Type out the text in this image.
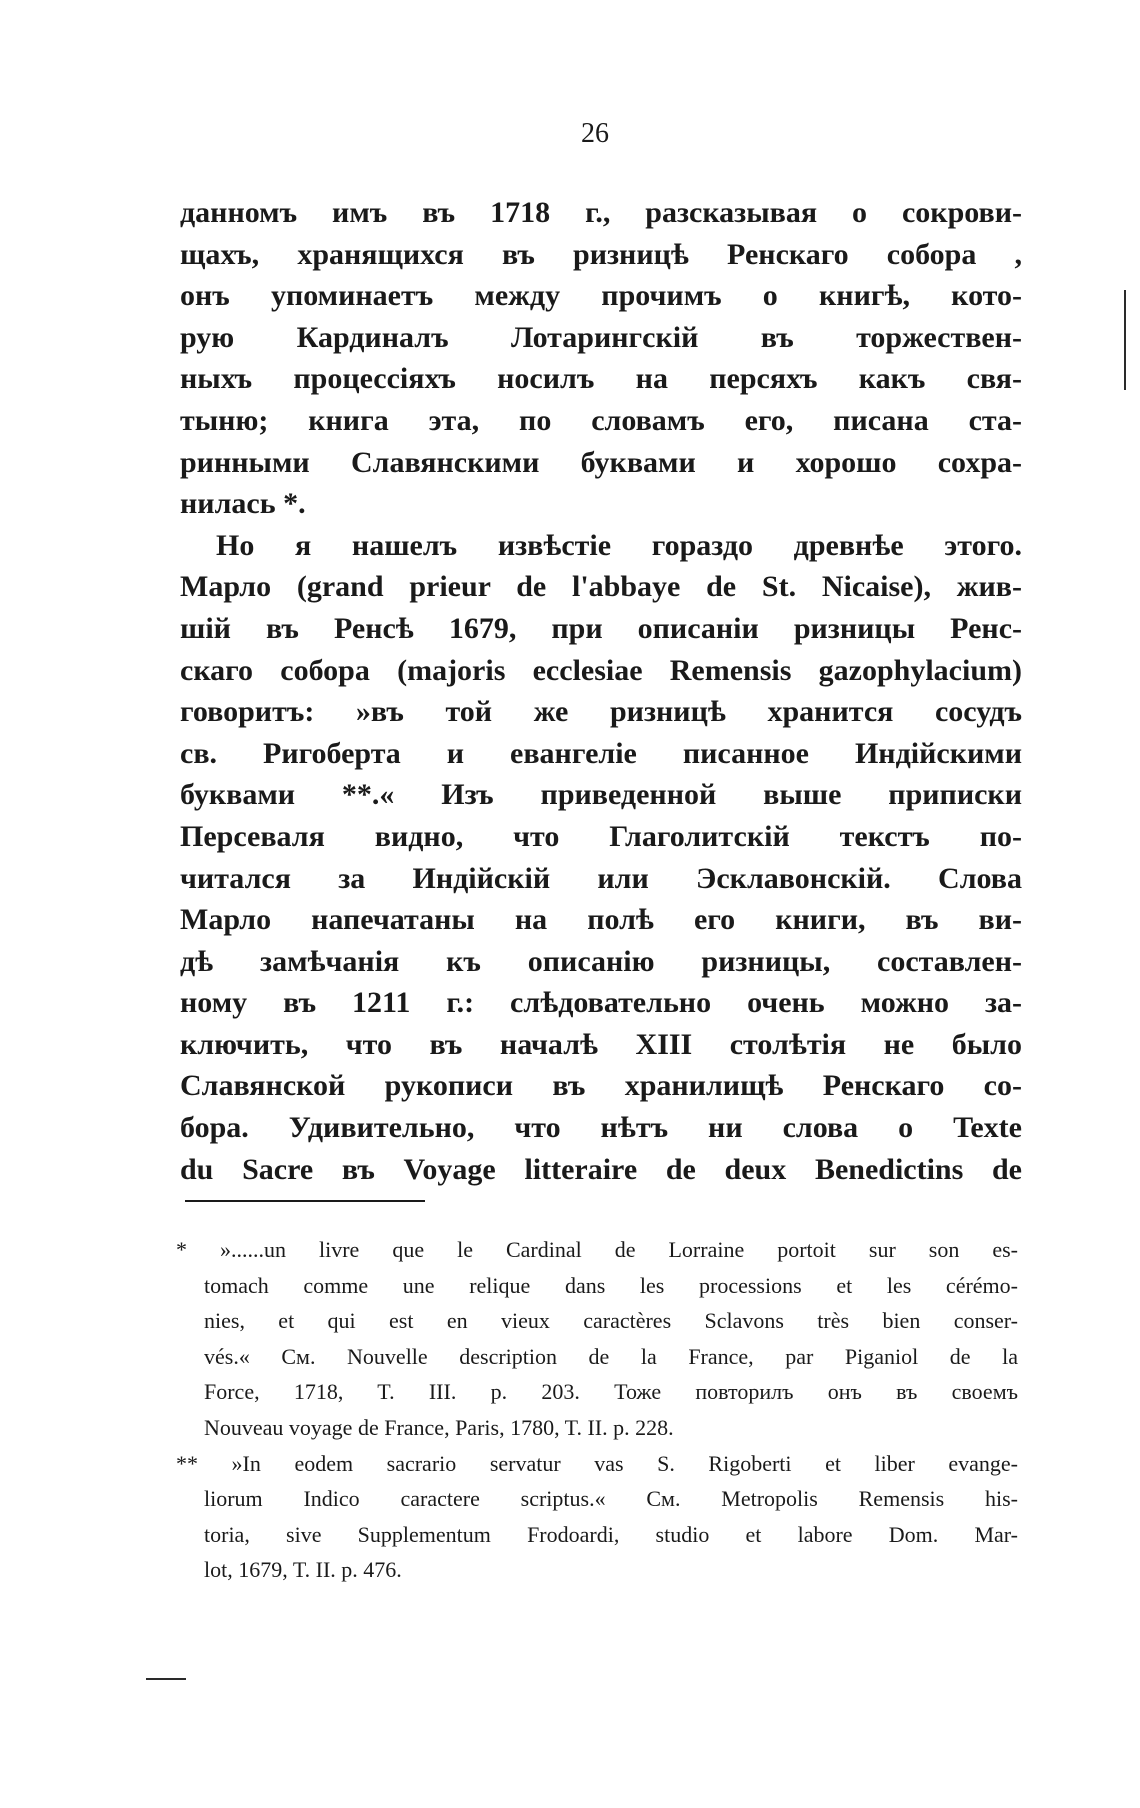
26
данномъ имъ въ 1718 г., разсказывая о сокрови-
щахъ, хранящихся въ ризницѣ Ренскаго собора ,
онъ упоминаетъ между прочимъ о книгѣ, кото-
рую Кардиналъ Лотарингскій въ торжествен-
ныхъ процессіяхъ носилъ на персяхъ какъ свя-
тыню; книга эта, по словамъ его, писана ста-
ринными Славянскими буквами и хорошо сохра-
нилась *.
Но я нашелъ извѣстіе гораздо древнѣе этого.
Марло (grand prieur de l'abbaye de St. Nicaise), жив-
шій въ Ренсѣ 1679, при описаніи ризницы Ренс-
скаго собора (majoris ecclesiae Remensis gazophylacium)
говоритъ: »въ той же ризницѣ хранится сосудъ
св. Ригоберта и евангеліе писанное Индійскими
буквами **.« Изъ приведенной выше приписки
Персеваля видно, что Глаголитскій текстъ по-
читался за Индійскій или Эсклавонскій. Слова
Марло напечатаны на полѣ его книги, въ ви-
дѣ замѣчанія къ описанію ризницы, составлен-
ному въ 1211 г.: слѣдовательно очень можно за-
ключить, что въ началѣ XIII столѣтія не было
Славянской рукописи въ хранилищѣ Ренскаго со-
бора. Удивительно, что нѣтъ ни слова о Texte
du Sacre въ Voyage litteraire de deux Benedictins de
* »......un livre que le Cardinal de Lorraine portoit sur son es-
tomach comme une relique dans les processions et les cérémo-
nies, et qui est en vieux caractères Sclavons très bien conser-
vés.« См. Nouvelle description de la France, par Piganiol de la
Force, 1718, T. III. p. 203. Тоже повторилъ онъ въ своемъ
Nouveau voyage de France, Paris, 1780, T. II. p. 228.
** »In eodem sacrario servatur vas S. Rigoberti et liber evange-
liorum Indico caractere scriptus.« См. Metropolis Remensis his-
toria, sive Supplementum Frodoardi, studio et labore Dom. Mar-
lot, 1679, T. II. p. 476.
